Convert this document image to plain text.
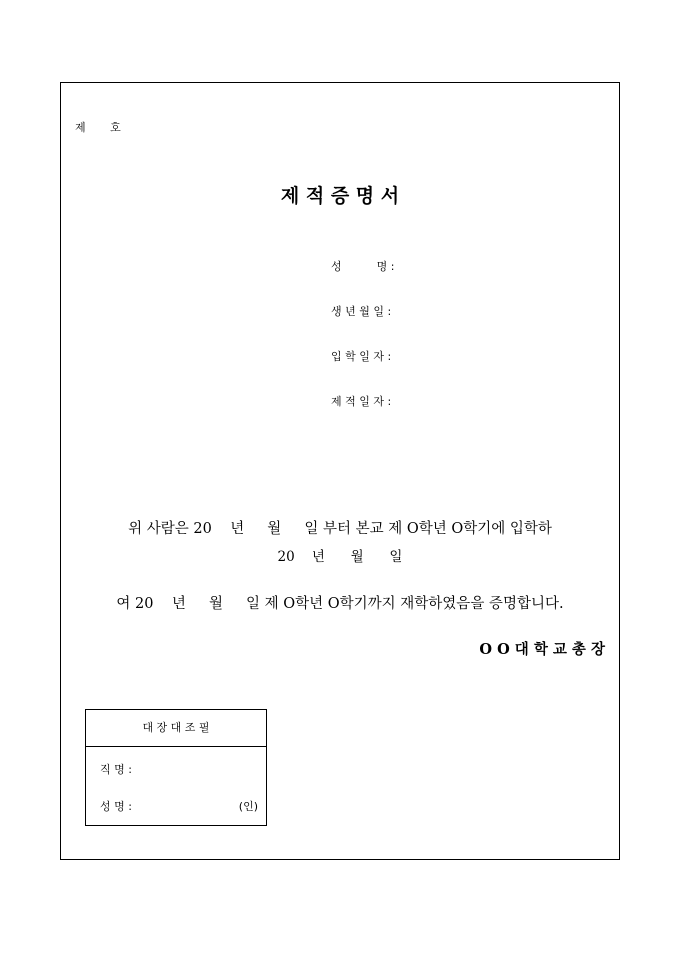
제       호
제 적 증 명 서
성          명 :
생 년 월 일 :
입 학 일 자 :
제 적 일 자 :

위 사람은 20    년     월     일 부터 본교 제 O학년 O학기에 입학하

여 20    년     월     일 제 O학년 O학기까지 재학하였음을 증명합니다.

20    년      월      일
O O 대 학 교 총 장
대 장 대 조 필
직 명 :
성 명 :	(인)
